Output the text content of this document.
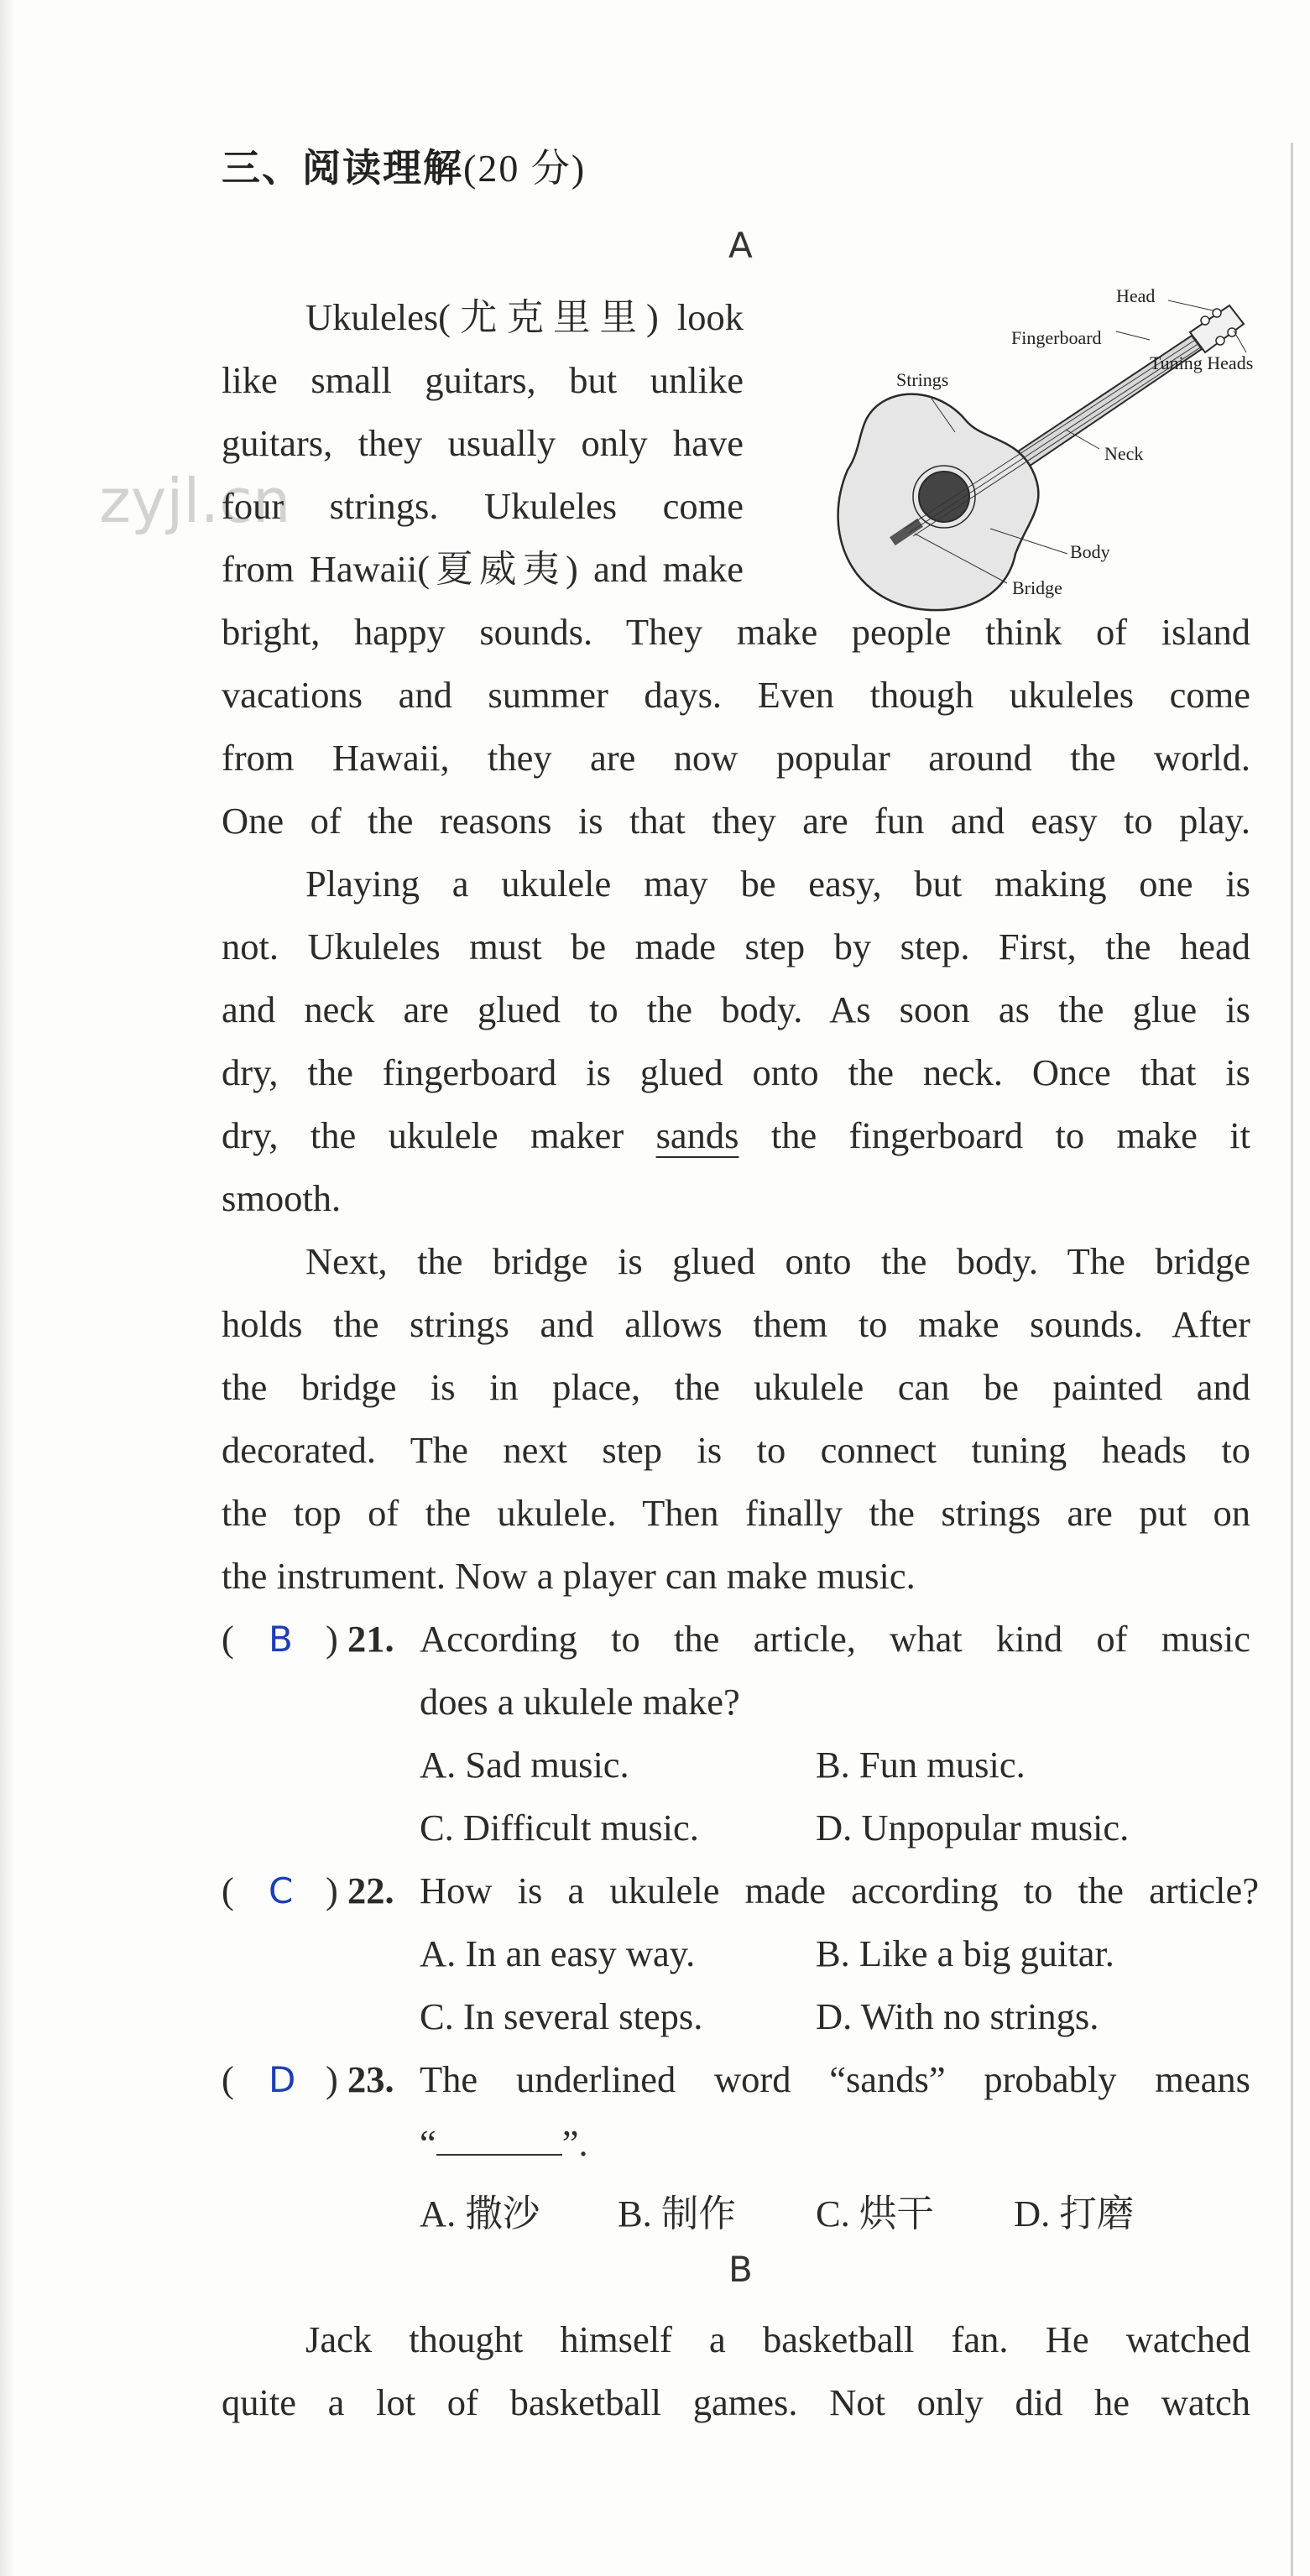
三、阅读理解(20 分)
A
zyjl.cn
Head
Fingerboard
Strings
Tuning Heads
Neck
Body
Bridge
Ukuleles(尤克里里) look
like small guitars, but unlike
guitars, they usually only have
four strings. Ukuleles come
from Hawaii(夏威夷) and make
bright, happy sounds. They make people think of island
vacations and summer days. Even though ukuleles come
from Hawaii, they are now popular around the world.
One of the reasons is that they are fun and easy to play.
Playing a ukulele may be easy, but making one is
not. Ukuleles must be made step by step. First, the head
and neck are glued to the body. As soon as the glue is
dry, the fingerboard is glued onto the neck. Once that is
dry, the ukulele maker sands the fingerboard to make it
smooth.
Next, the bridge is glued onto the body. The bridge
holds the strings and allows them to make sounds. After
the bridge is in place, the ukulele can be painted and
decorated. The next step is to connect tuning heads to
the top of the ukulele. Then finally the strings are put on
the instrument. Now a player can make music.
( B ) 21. According to the article, what kind of music
does a ukulele make?
A. Sad music.	B. Fun music.
C. Difficult music.	D. Unpopular music.
( C ) 22. How is a ukulele made according to the article?
A. In an easy way.	B. Like a big guitar.
C. In several steps.	D. With no strings.
( D ) 23. The underlined word “sands” probably means
“	”.
A. 撒沙 B. 制作 C. 烘干 D. 打磨
B
Jack thought himself a basketball fan. He watched
quite a lot of basketball games. Not only did he watch
